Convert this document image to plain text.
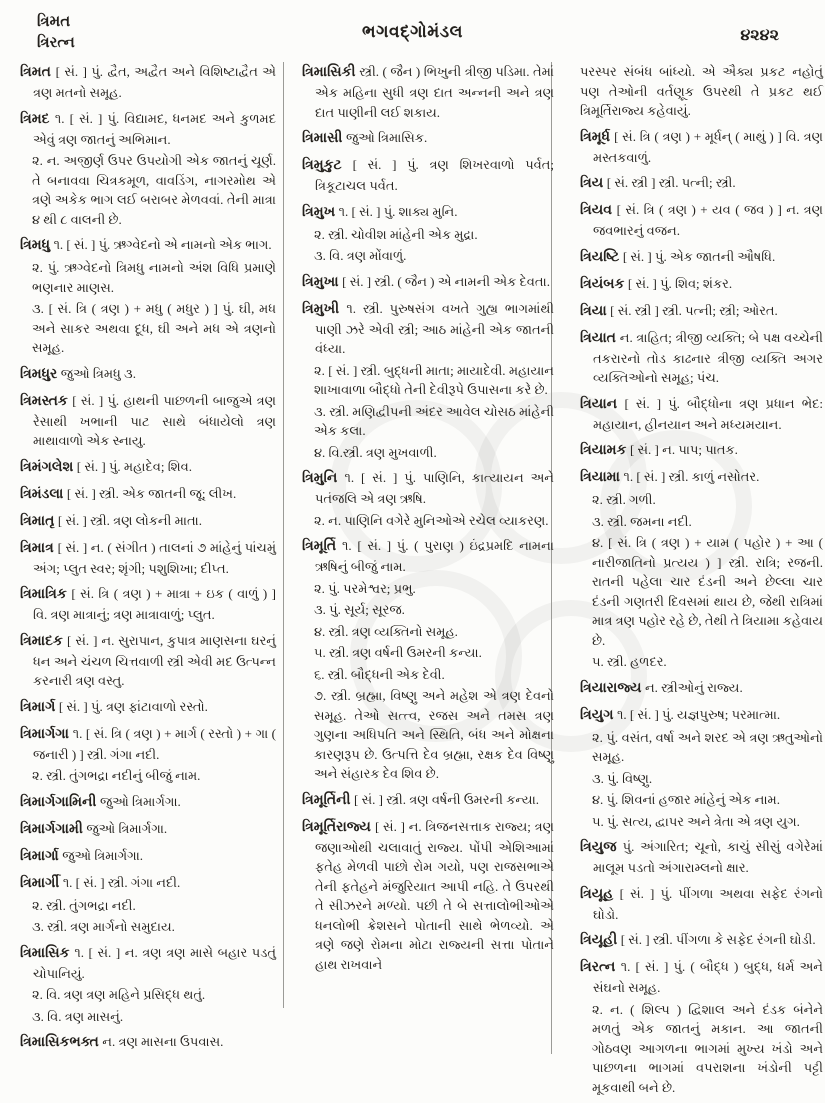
ત્રિમત
ત્રિરત્ન
ભગવદ્ગોમંડલ	૪૨૪૨

ત્રિમત [ સં. ] પું. દ્વૈત, અદ્વૈત અને વિશિષ્ટાદ્વૈત એ ત્રણ મતનો સમૂહ.

ત્રિમદ ૧. [ સં. ] પું. વિદ્યામદ, ધનમદ અને કુળમદ એવું ત્રણ જાતનું અભિમાન.

૨. ન. અજીર્ણ ઉપર ઉપયોગી એક જાતનું ચૂર્ણ. તે બનાવવા ચિત્રકમૂળ, વાવડિંગ, નાગરમોથ એ ત્રણે અકેક ભાગ લઈ બરાબર મેળવવાં. તેની માત્રા ૪ થી ૮ વાલની છે.

ત્રિમધુ ૧. [ સં. ] પું. ઋગ્વેદનો એ નામનો એક ભાગ.

૨. પું. ઋગ્વેદનો ત્રિમધુ નામનો અંશ વિધિ પ્રમાણે ભણનાર માણસ.

૩. [ સં. ત્રિ ( ત્રણ ) + મધુ ( મધુર ) ] પું. ઘી, મધ અને સાકર અથવા દૂધ, ઘી અને મધ એ ત્રણનો સમૂહ.

ત્રિમધુર જુઓ ત્રિમધુ ૩.

ત્રિમસ્તક [ સં. ] પું. હાથની પાછળની બાજુએ ત્રણ રેસાથી ખભાની પાટ સાથે બંધાયેલો ત્રણ માથાવાળો એક સ્નાયુ.

ત્રિમંગલેશ [ સં. ] પું. મહાદેવ; શિવ.

ત્રિમંડલા [ સં. ] સ્ત્રી. એક જાતની જૂ; લીખ.

ત્રિમાતૃ [ સં. ] સ્ત્રી. ત્રણ લોકની માતા.

ત્રિમાત્ર [ સં. ] ન. ( સંગીત ) તાલનાં ૭ માંહેનું પાંચમું અંગ; પ્લુત સ્વર; શૃંગી; પશુશિખા; દીપ્ત.

ત્રિમાત્રિક [ સં. ત્રિ ( ત્રણ ) + માત્રા + ઇક ( વાળું ) ] વિ. ત્રણ માત્રાનું; ત્રણ માત્રાવાળું; પ્લુત.

ત્રિમાદક [ સં. ] ન. સુરાપાન, કુપાત્ર માણસના ઘરનું ધન અને ચંચળ ચિત્તવાળી સ્ત્રી એવી મદ ઉત્પન્ન કરનારી ત્રણ વસ્તુ.

ત્રિમાર્ગ [ સં. ] પું. ત્રણ ફાંટાવાળો રસ્તો.

ત્રિમાર્ગગા ૧. [ સં. ત્રિ ( ત્રણ ) + માર્ગ ( રસ્તો ) + ગા ( જનારી ) ] સ્ત્રી. ગંગા નદી.

૨. સ્ત્રી. તુંગભદ્રા નદીનું બીજું નામ.

ત્રિમાર્ગગામિની જુઓ ત્રિમાર્ગગા.

ત્રિમાર્ગગામી જુઓ ત્રિમાર્ગગા.

ત્રિમાર્ગા જુઓ ત્રિમાર્ગગા.

ત્રિમાર્ગી ૧. [ સં. ] સ્ત્રી. ગંગા નદી.

૨. સ્ત્રી. તુંગભદ્રા નદી.

૩. સ્ત્રી. ત્રણ માર્ગનો સમુદાય.

ત્રિમાસિક ૧. [ સં. ] ન. ત્રણ ત્રણ માસે બહાર પડતું ચોપાનિયું.

૨. વિ. ત્રણ ત્રણ મહિને પ્રસિદ્ધ થતું.

૩. વિ. ત્રણ માસનું.

ત્રિમાસિકભક્ત ન. ત્રણ માસના ઉપવાસ.

ત્રિમાસિકી સ્ત્રી. ( જૈન ) ભિખુની ત્રીજી પડિમા. તેમાં એક મહિના સુધી ત્રણ દાત અન્નની અને ત્રણ દાત પાણીની લઈ શકાય.

ત્રિમાસી જુઓ ત્રિમાસિક.

ત્રિમુકુટ [ સં. ] પું. ત્રણ શિખરવાળો પર્વત; ત્રિકૂટાચલ પર્વત.

ત્રિમુખ ૧. [ સં. ] પું. શાક્ય મુનિ.

૨. સ્ત્રી. ચોવીશ માંહેની એક મુદ્રા.

૩. વિ. ત્રણ મોંવાળું.

ત્રિમુખા [ સં. ] સ્ત્રી. ( જૈન ) એ નામની એક દેવતા.

ત્રિમુખી ૧. સ્ત્રી. પુરુષસંગ વખતે ગુહ્ય ભાગમાંથી પાણી ઝરે એવી સ્ત્રી; આઠ માંહેની એક જાતની વંધ્યા.

૨. [ સં. ] સ્ત્રી. બુદ્ધની માતા; માયાદેવી. મહાયાન શાખાવાળા બૌદ્ધો તેની દેવીરૂપે ઉપાસના કરે છે.

૩. સ્ત્રી. મણિદ્વીપની અંદર આવેલ ચોસઠ માંહેની એક કલા.

૪. વિ.સ્ત્રી. ત્રણ મુખવાળી.

ત્રિમુનિ ૧. [ સં. ] પું. પાણિનિ, કાત્યાયન અને પતંજલિ એ ત્રણ ઋષિ.

૨. ન. પાણિનિ વગેરે મુનિઓએ રચેલ વ્યાકરણ.

ત્રિમૂર્તિ ૧. [ સં. ] પું. ( પુરાણ ) ઇંદ્રપ્રમદિ નામના ઋષિનું બીજું નામ.

૨. પું. પરમેશ્વર; પ્રભુ.

૩. પું. સૂર્ય; સૂરજ.

૪. સ્ત્રી. ત્રણ વ્યક્તિનો સમૂહ.

૫. સ્ત્રી. ત્રણ વર્ષની ઉમરની કન્યા.

૬. સ્ત્રી. બૌદ્ધની એક દેવી.

૭. સ્ત્રી. બ્રહ્મા, વિષ્ણુ અને મહેશ એ ત્રણ દેવનો સમૂહ. તેઓ સત્ત્વ, રજસ અને તમસ ત્રણ ગુણના અધિપતિ અને સ્થિતિ, બંધ અને મોક્ષના કારણરૂપ છે. ઉત્પત્તિ દેવ બ્રહ્મા, રક્ષક દેવ વિષ્ણુ અને સંહારક દેવ શિવ છે.

ત્રિમૂર્તિની [ સં. ] સ્ત્રી. ત્રણ વર્ષની ઉમરની કન્યા.

ત્રિમૂર્તિરાજ્ય [ સં. ] ન. ત્રિજનસત્તાક રાજ્ય; ત્રણ જણાઓથી ચલાવાતું રાજ્ય. પોંપી એશિઆમાં ફતેહ મેળવી પાછો રોમ ગયો, પણ રાજસભાએ તેની ફતેહને મંજુરિયાત આપી નહિ. તે ઉપરથી તે સીઝરને મળ્યો. પછી તે બે સત્તાલોભીઓએ ધનલોભી ક્રેશસને પોતાની સાથે ભેળવ્યો. એ ત્રણે જણે રોમના મોટા રાજ્યની સત્તા પોતાને હાથ રાખવાને

પરસ્પર સંબંધ બાંધ્યો. એ ઐક્ય પ્રકટ નહોતું પણ તેઓની વર્તણૂક ઉપરથી તે પ્રકટ થઈ ત્રિમૂર્તિરાજ્ય કહેવાયું.

ત્રિમૂર્ધ [ સં. ત્રિ ( ત્રણ ) + મૂર્ધન્ ( માથું ) ] વિ. ત્રણ મસ્તકવાળું.

ત્રિય [ સં. સ્ત્રી ] સ્ત્રી. પત્ની; સ્ત્રી.

ત્રિયવ [ સં. ત્રિ ( ત્રણ ) + યવ ( જવ ) ] ન. ત્રણ જવભારનું વજન.

ત્રિયષ્ટિ [ સં. ] પું. એક જાતની ઔષધિ.

ત્રિયંબક [ સં. ] પું. શિવ; શંકર.

ત્રિયા [ સં. સ્ત્રી ] સ્ત્રી. પત્ની; સ્ત્રી; ઓરત.

ત્રિયાત ન. ત્રાહિત; ત્રીજી વ્યક્તિ; બે પક્ષ વચ્ચેની તકરારનો તોડ કાઢનાર ત્રીજી વ્યક્તિ અગર વ્યક્તિઓનો સમૂહ; પંચ.

ત્રિયાન [ સં. ] પું. બૌદ્ધોના ત્રણ પ્રધાન ભેદ: મહાયાન, હીનયાન અને મધ્યમયાન.

ત્રિયામક [ સં. ] ન. પાપ; પાતક.

ત્રિયામા ૧. [ સં. ] સ્ત્રી. કાળું નસોતર.

૨. સ્ત્રી. ગળી.

૩. સ્ત્રી. જમના નદી.

૪. [ સં. ત્રિ ( ત્રણ ) + યામ ( પહોર ) + આ ( નારીજાતિનો પ્રત્યય ) ] સ્ત્રી. રાત્રિ; રજની. રાતની પહેલા ચાર દંડની અને છેલ્લા ચાર દંડની ગણતરી દિવસમાં થાય છે, જેથી રાત્રિમાં માત્ર ત્રણ પહોર રહે છે, તેથી તે ત્રિયામા કહેવાય છે.

૫. સ્ત્રી. હળદર.

ત્રિયારાજ્ય ન. સ્ત્રીઓનું રાજ્ય.

ત્રિયુગ ૧. [ સં. ] પું. યજ્ઞપુરુષ; પરમાત્મા.

૨. પું. વસંત, વર્ષા અને શરદ એ ત્રણ ઋતુઓનો સમૂહ.

૩. પું. વિષ્ણુ.

૪. પું. શિવનાં હજાર માંહેનું એક નામ.

૫. પું. સત્ય, દ્વાપર અને ત્રેતા એ ત્રણ યુગ.

ત્રિયુજ પું. અંગારિત; ચૂનો, કાચું સીસું વગેરેમાં માલૂમ પડતો અંગારામ્લનો ક્ષાર.

ત્રિયૂહ [ સં. ] પું. પીંગળા અથવા સફેદ રંગનો ઘોડો.

ત્રિયૂહી [ સં. ] સ્ત્રી. પીંગળા કે સફેદ રંગની ઘોડી.

ત્રિરત્ન ૧. [ સં. ] પું. ( બૌદ્ધ ) બુદ્ધ, ધર્મ અને સંઘનો સમૂહ.

૨. ન. ( શિલ્પ ) દ્વિશાલ અને દંડક બંનેને મળતું એક જાતનું મકાન. આ જાતની ગોઠવણ આગળના ભાગમાં મુખ્ય ખંડો અને પાછળના ભાગમાં વપરાશના ખંડોની પટ્ટી મૂકવાથી બને છે.
